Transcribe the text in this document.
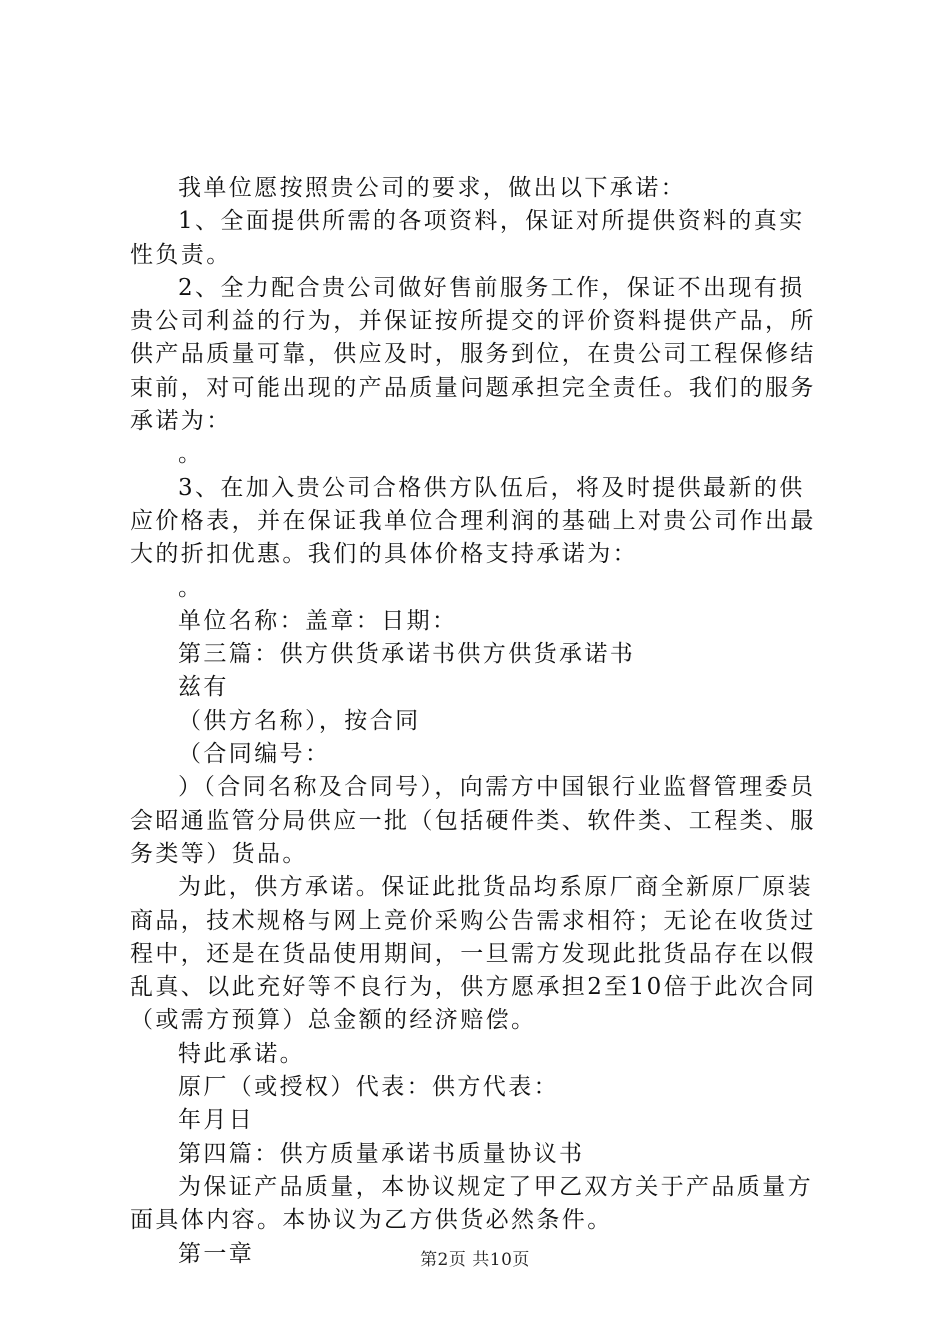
我单位愿按照贵公司的要求，做出以下承诺：

1、全面提供所需的各项资料，保证对所提供资料的真实性负责。

2、全力配合贵公司做好售前服务工作，保证不出现有损贵公司利益的行为，并保证按所提交的评价资料提供产品，所供产品质量可靠，供应及时，服务到位，在贵公司工程保修结束前，对可能出现的产品质量问题承担完全责任。我们的服务承诺为：

。

3、在加入贵公司合格供方队伍后，将及时提供最新的供应价格表，并在保证我单位合理利润的基础上对贵公司作出最大的折扣优惠。我们的具体价格支持承诺为：

。

单位名称：盖章：日期：

第三篇：供方供货承诺书供方供货承诺书

兹有

（供方名称），按合同

（合同编号：

）（合同名称及合同号），向需方中国银行业监督管理委员会昭通监管分局供应一批（包括硬件类、软件类、工程类、服务类等）货品。

为此，供方承诺。保证此批货品均系原厂商全新原厂原装商品，技术规格与网上竞价采购公告需求相符；无论在收货过程中，还是在货品使用期间，一旦需方发现此批货品存在以假乱真、以此充好等不良行为，供方愿承担2至10倍于此次合同（或需方预算）总金额的经济赔偿。

特此承诺。

原厂（或授权）代表：供方代表：

年月日

第四篇：供方质量承诺书质量协议书

为保证产品质量，本协议规定了甲乙双方关于产品质量方面具体内容。本协议为乙方供货必然条件。

第一章	第2页 共10页
